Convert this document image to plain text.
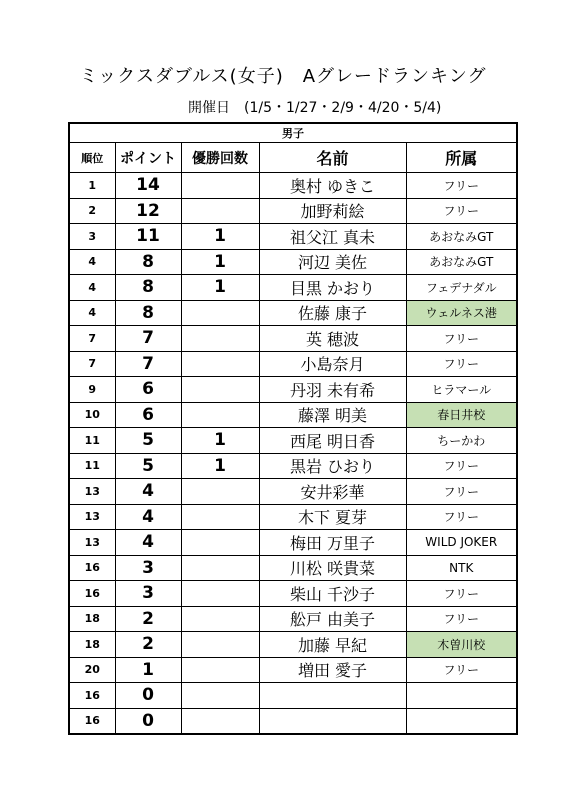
ミックスダブルス(女子)　Aグレードランキング
開催日　(1/5・1/27・2/9・4/20・5/4)
男子				
順位	ポイント	優勝回数	名前	所属
1	14		奥村 ゆきこ	フリー
2	12		加野莉絵	フリー
3	11	1	祖父江 真未	あおなみGT
4	8	1	河辺 美佐	あおなみGT
4	8	1	目黒 かおり	フェデナダル
4	8		佐藤 康子	ウェルネス港
7	7		英 穂波	フリー
7	7		小島奈月	フリー
9	6		丹羽 未有希	ヒラマール
10	6		藤澤 明美	春日井校
11	5	1	西尾 明日香	ちーかわ
11	5	1	黒岩 ひおり	フリー
13	4		安井彩華	フリー
13	4		木下 夏芽	フリー
13	4		梅田 万里子	WILD JOKER
16	3		川松 咲貴菜	NTK
16	3		柴山 千沙子	フリー
18	2		舩戸 由美子	フリー
18	2		加藤 早紀	木曽川校
20	1		増田 愛子	フリー
16	0			
16	0			
